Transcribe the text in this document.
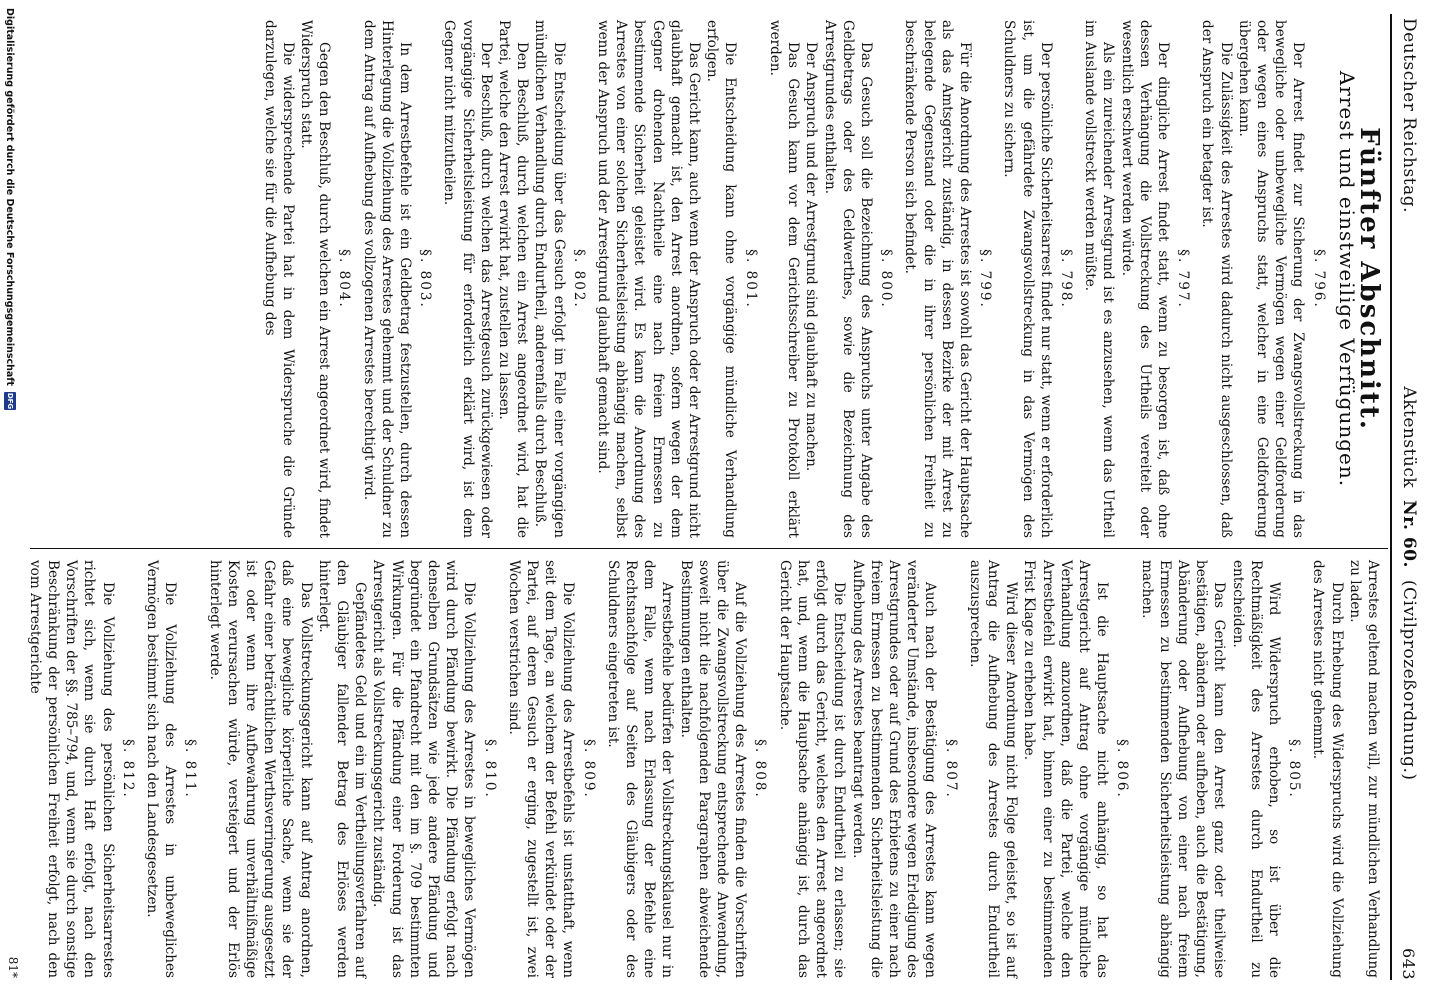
Deutscher Reichstag.
Aktenstück Nr. 60. (Civilprozeßordnung.)
643
Fünfter Abschnitt.
Arrest und einstweilige Verfügungen.
§. 796.

Der Arrest findet zur Sicherung der Zwangsvollstreckung in das bewegliche oder unbewegliche Vermögen wegen einer Geldforderung oder wegen eines Anspruchs statt, welcher in eine Geldforderung übergehen kann.

Die Zulässigkeit des Arrestes wird dadurch nicht ausgeschlossen, daß der Anspruch ein betagter ist.

§. 797.

Der dingliche Arrest findet statt, wenn zu besorgen ist, daß ohne dessen Verhängung die Vollstreckung des Urtheils vereitelt oder wesentlich erschwert werden würde.

Als ein zureichender Arrestgrund ist es anzusehen, wenn das Urtheil im Auslande vollstreckt werden müßte.

§. 798.

Der persönliche Sicherheitsarrest findet nur statt, wenn er erforderlich ist, um die gefährdete Zwangsvollstreckung in das Vermögen des Schuldners zu sichern.

§. 799.

Für die Anordnung des Arrestes ist sowohl das Gericht der Hauptsache als das Amtsgericht zuständig, in dessen Bezirke der mit Arrest zu belegende Gegenstand oder die in ihrer persönlichen Freiheit zu beschränkende Person sich befindet.

§. 800.

Das Gesuch soll die Bezeichnung des Anspruchs unter Angabe des Geldbetrags oder des Geldwerthes, sowie die Bezeichnung des Arrestgrundes enthalten.

Der Anspruch und der Arrestgrund sind glaubhaft zu machen.

Das Gesuch kann vor dem Gerichtsschreiber zu Protokoll erklärt werden.

§. 801.

Die Entscheidung kann ohne vorgängige mündliche Verhandlung erfolgen.

Das Gericht kann, auch wenn der Anspruch oder der Arrestgrund nicht glaubhaft gemacht ist, den Arrest anordnen, sofern wegen der dem Gegner drohenden Nachtheile eine nach freiem Ermessen zu bestimmende Sicherheit geleistet wird. Es kann die Anordnung des Arrestes von einer solchen Sicherheitsleistung abhängig machen, selbst wenn der Anspruch und der Arrestgrund glaubhaft gemacht sind.

§. 802.

Die Entscheidung über das Gesuch erfolgt im Falle einer vorgängigen mündlichen Verhandlung durch Endurtheil, anderenfalls durch Beschluß.

Den Beschluß, durch welchen ein Arrest angeordnet wird, hat die Partei, welche den Arrest erwirkt hat, zustellen zu lassen.

Der Beschluß, durch welchen das Arrestgesuch zurückgewiesen oder vorgängige Sicherheitsleistung für erforderlich erklärt wird, ist dem Gegner nicht mitzutheilen.

§. 803.

In dem Arrestbefehle ist ein Geldbetrag festzustellen, durch dessen Hinterlegung die Vollziehung des Arrestes gehemmt und der Schuldner zu dem Antrag auf Aufhebung des vollzogenen Arrestes berechtigt wird.

§. 804.

Gegen den Beschluß, durch welchen ein Arrest angeordnet wird, findet Widerspruch statt.

Die widersprechende Partei hat in dem Widerspruche die Gründe darzulegen, welche sie für die Aufhebung des

Arrestes geltend machen will, zur mündlichen Verhandlung zu laden.

Durch Erhebung des Widerspruchs wird die Vollziehung des Arrestes nicht gehemmt.

§. 805.

Wird Widerspruch erhoben, so ist über die Rechtmäßigkeit des Arrestes durch Endurtheil zu entscheiden.

Das Gericht kann den Arrest ganz oder theilweise bestätigen, abändern oder aufheben, auch die Bestätigung, Abänderung oder Aufhebung von einer nach freiem Ermessen zu bestimmenden Sicherheitsleistung abhängig machen.

§. 806.

Ist die Hauptsache nicht anhängig, so hat das Arrestgericht auf Antrag ohne vorgängige mündliche Verhandlung anzuordnen, daß die Partei, welche den Arrestbefehl erwirkt hat, binnen einer zu bestimmenden Frist Klage zu erheben habe.

Wird dieser Anordnung nicht Folge geleistet, so ist auf Antrag die Aufhebung des Arrestes durch Endurtheil auszusprechen.

§. 807.

Auch nach der Bestätigung des Arrestes kann wegen veränderter Umstände, insbesondere wegen Erledigung des Arrestgrundes oder auf Grund des Erbietens zu einer nach freiem Ermessen zu bestimmenden Sicherheitsleistung die Aufhebung des Arrestes beantragt werden.

Die Entscheidung ist durch Endurtheil zu erlassen; sie erfolgt durch das Gericht, welches den Arrest angeordnet hat, und, wenn die Hauptsache anhängig ist, durch das Gericht der Hauptsache.

§. 808.

Auf die Vollziehung des Arrestes finden die Vorschriften über die Zwangsvollstreckung entsprechende Anwendung, soweit nicht die nachfolgenden Paragraphen abweichende Bestimmungen enthalten.

Arrestbefehle bedürfen der Vollstreckungsklausel nur in dem Falle, wenn nach Erlassung der Befehle eine Rechtsnachfolge auf Seiten des Gläubigers oder des Schuldners eingetreten ist.

§. 809.

Die Vollziehung des Arrestbefehls ist unstatthaft, wenn seit dem Tage, an welchem der Befehl verkündet oder der Partei, auf deren Gesuch er erging, zugestellt ist, zwei Wochen verstrichen sind.

§. 810.

Die Vollziehung des Arrestes in bewegliches Vermögen wird durch Pfändung bewirkt. Die Pfändung erfolgt nach denselben Grundsätzen wie jede andere Pfändung und begründet ein Pfandrecht mit den im §. 709 bestimmten Wirkungen. Für die Pfändung einer Forderung ist das Arrestgericht als Vollstreckungsgericht zuständig.

Gepfändetes Geld und ein im Vertheilungsverfahren auf den Gläubiger fallender Betrag des Erlöses werden hinterlegt.

Das Vollstreckungsgericht kann auf Antrag anordnen, daß eine bewegliche körperliche Sache, wenn sie der Gefahr einer beträchtlichen Werthsverringerung ausgesetzt ist oder wenn ihre Aufbewahrung unverhältnißmäßige Kosten verursachen würde, versteigert und der Erlös hinterlegt werde.

§. 811.

Die Vollziehung des Arrestes in unbewegliches Vermögen bestimmt sich nach den Landesgesetzen.

§. 812.

Die Vollziehung des persönlichen Sicherheitsarrestes richtet sich, wenn sie durch Haft erfolgt, nach den Vorschriften der §§. 785–794, und, wenn sie durch sonstige Beschränkung der persönlichen Freiheit erfolgt, nach den vom Arrestgerichte

81*
Digitalisierung gefördert durch die Deutsche Forschungsgemeinschaft
DFG
